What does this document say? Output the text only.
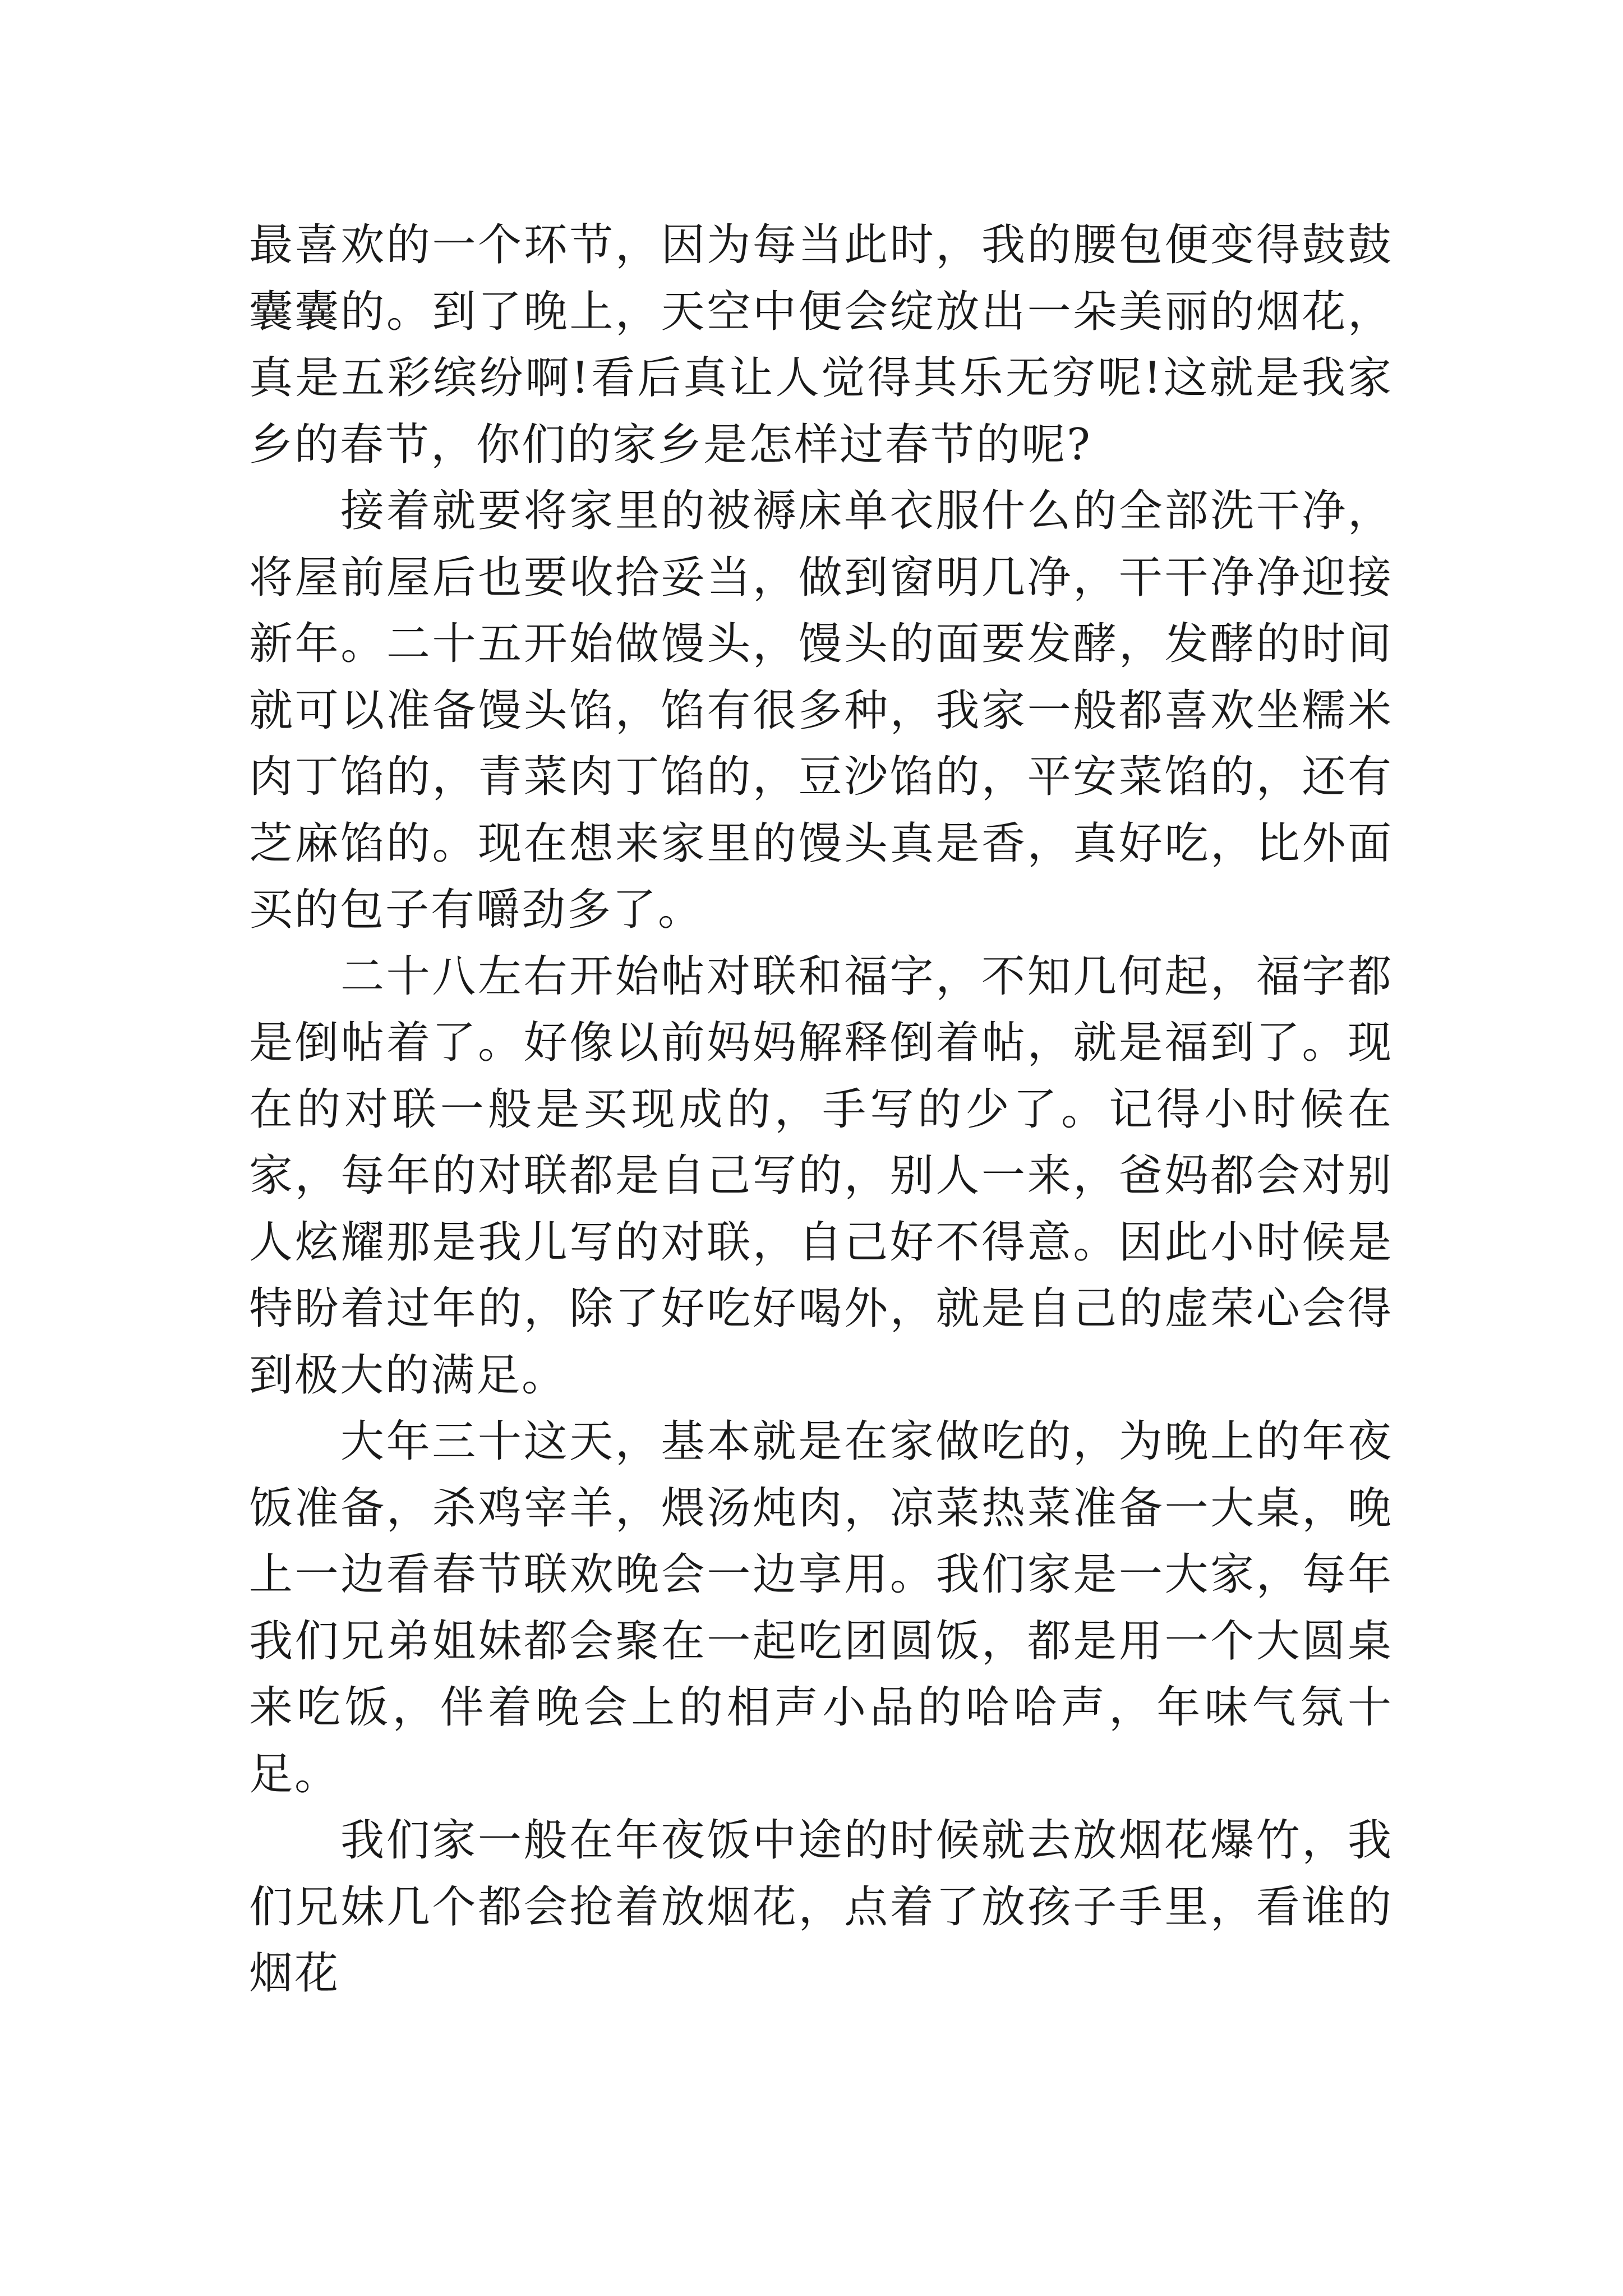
最喜欢的一个环节，因为每当此时，我的腰包便变得鼓鼓囊囊的。到了晚上，天空中便会绽放出一朵美丽的烟花，真是五彩缤纷啊!看后真让人觉得其乐无穷呢!这就是我家乡的春节，你们的家乡是怎样过春节的呢?

接着就要将家里的被褥床单衣服什么的全部洗干净，将屋前屋后也要收拾妥当，做到窗明几净，干干净净迎接新年。二十五开始做馒头，馒头的面要发酵，发酵的时间就可以准备馒头馅，馅有很多种，我家一般都喜欢坐糯米肉丁馅的，青菜肉丁馅的，豆沙馅的，平安菜馅的，还有芝麻馅的。现在想来家里的馒头真是香，真好吃，比外面买的包子有嚼劲多了。

二十八左右开始帖对联和福字，不知几何起，福字都是倒帖着了。好像以前妈妈解释倒着帖，就是福到了。现在的对联一般是买现成的，手写的少了。记得小时候在家，每年的对联都是自己写的，别人一来，爸妈都会对别人炫耀那是我儿写的对联，自己好不得意。因此小时候是特盼着过年的，除了好吃好喝外，就是自己的虚荣心会得到极大的满足。

大年三十这天，基本就是在家做吃的，为晚上的年夜饭准备，杀鸡宰羊，煨汤炖肉，凉菜热菜准备一大桌，晚上一边看春节联欢晚会一边享用。我们家是一大家，每年我们兄弟姐妹都会聚在一起吃团圆饭，都是用一个大圆桌来吃饭，伴着晚会上的相声小品的哈哈声，年味气氛十足。

我们家一般在年夜饭中途的时候就去放烟花爆竹，我们兄妹几个都会抢着放烟花，点着了放孩子手里，看谁的烟花
